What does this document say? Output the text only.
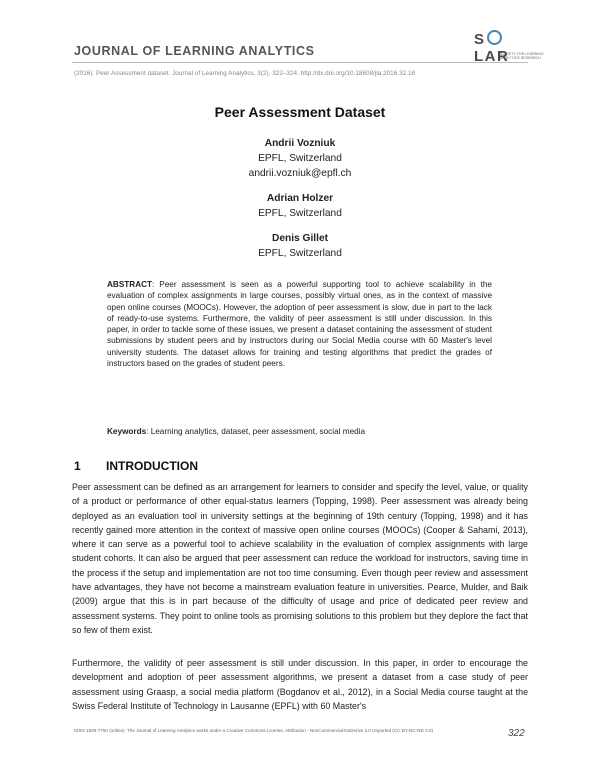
JOURNAL OF LEARNING ANALYTICS
SLAR
SOCIETY FOR LEARNING
ANALYTICS RESEARCH
(2016). Peer Assessment dataset. Journal of Learning Analytics, 3(2), 322–324. http://dx.doi.org/10.18608/jla.2016.32.18
Peer Assessment Dataset
Andrii Vozniuk
EPFL, Switzerland
andrii.vozniuk@epfl.ch
Adrian Holzer
EPFL, Switzerland
Denis Gillet
EPFL, Switzerland
ABSTRACT: Peer assessment is seen as a powerful supporting tool to achieve scalability in the evaluation of complex assignments in large courses, possibly virtual ones, as in the context of massive open online courses (MOOCs). However, the adoption of peer assessment is slow, due in part to the lack of ready-to-use systems. Furthermore, the validity of peer assessment is still under discussion. In this paper, in order to tackle some of these issues, we present a dataset containing the assessment of student submissions by student peers and by instructors during our Social Media course with 60 Master's level university students. The dataset allows for training and testing algorithms that predict the grades of instructors based on the grades of student peers.
Keywords: Learning analytics, dataset, peer assessment, social media
1 INTRODUCTION
Peer assessment can be defined as an arrangement for learners to consider and specify the level, value, or quality of a product or performance of other equal-status learners (Topping, 1998). Peer assessment was already being deployed as an evaluation tool in university settings at the beginning of 19th century (Topping, 1998) and it has recently gained more attention in the context of massive open online courses (MOOCs) (Cooper & Sahami, 2013), where it can serve as a powerful tool to achieve scalability in the evaluation of complex assignments with large student cohorts. It can also be argued that peer assessment can reduce the workload for instructors, saving time in the process if the setup and implementation are not too time consuming. Even though peer review and assessment have advantages, they have not become a mainstream evaluation feature in universities. Pearce, Mulder, and Baik (2009) argue that this is in part because of the difficulty of usage and price of dedicated peer review and assessment systems. They point to online tools as promising solutions to this problem but they deplore the fact that so few of them exist.
Furthermore, the validity of peer assessment is still under discussion. In this paper, in order to encourage the development and adoption of peer assessment algorithms, we present a dataset from a case study of peer assessment using Graasp, a social media platform (Bogdanov et al., 2012), in a Social Media course taught at the Swiss Federal Institute of Technology in Lausanne (EPFL) with 60 Master's
ISSN 1929-7750 (online). The Journal of Learning Analytics works under a Creative Commons License, Attribution - NonCommercial-NoDerivs 3.0 Unported (CC BY-NC-ND 3.0)	322
